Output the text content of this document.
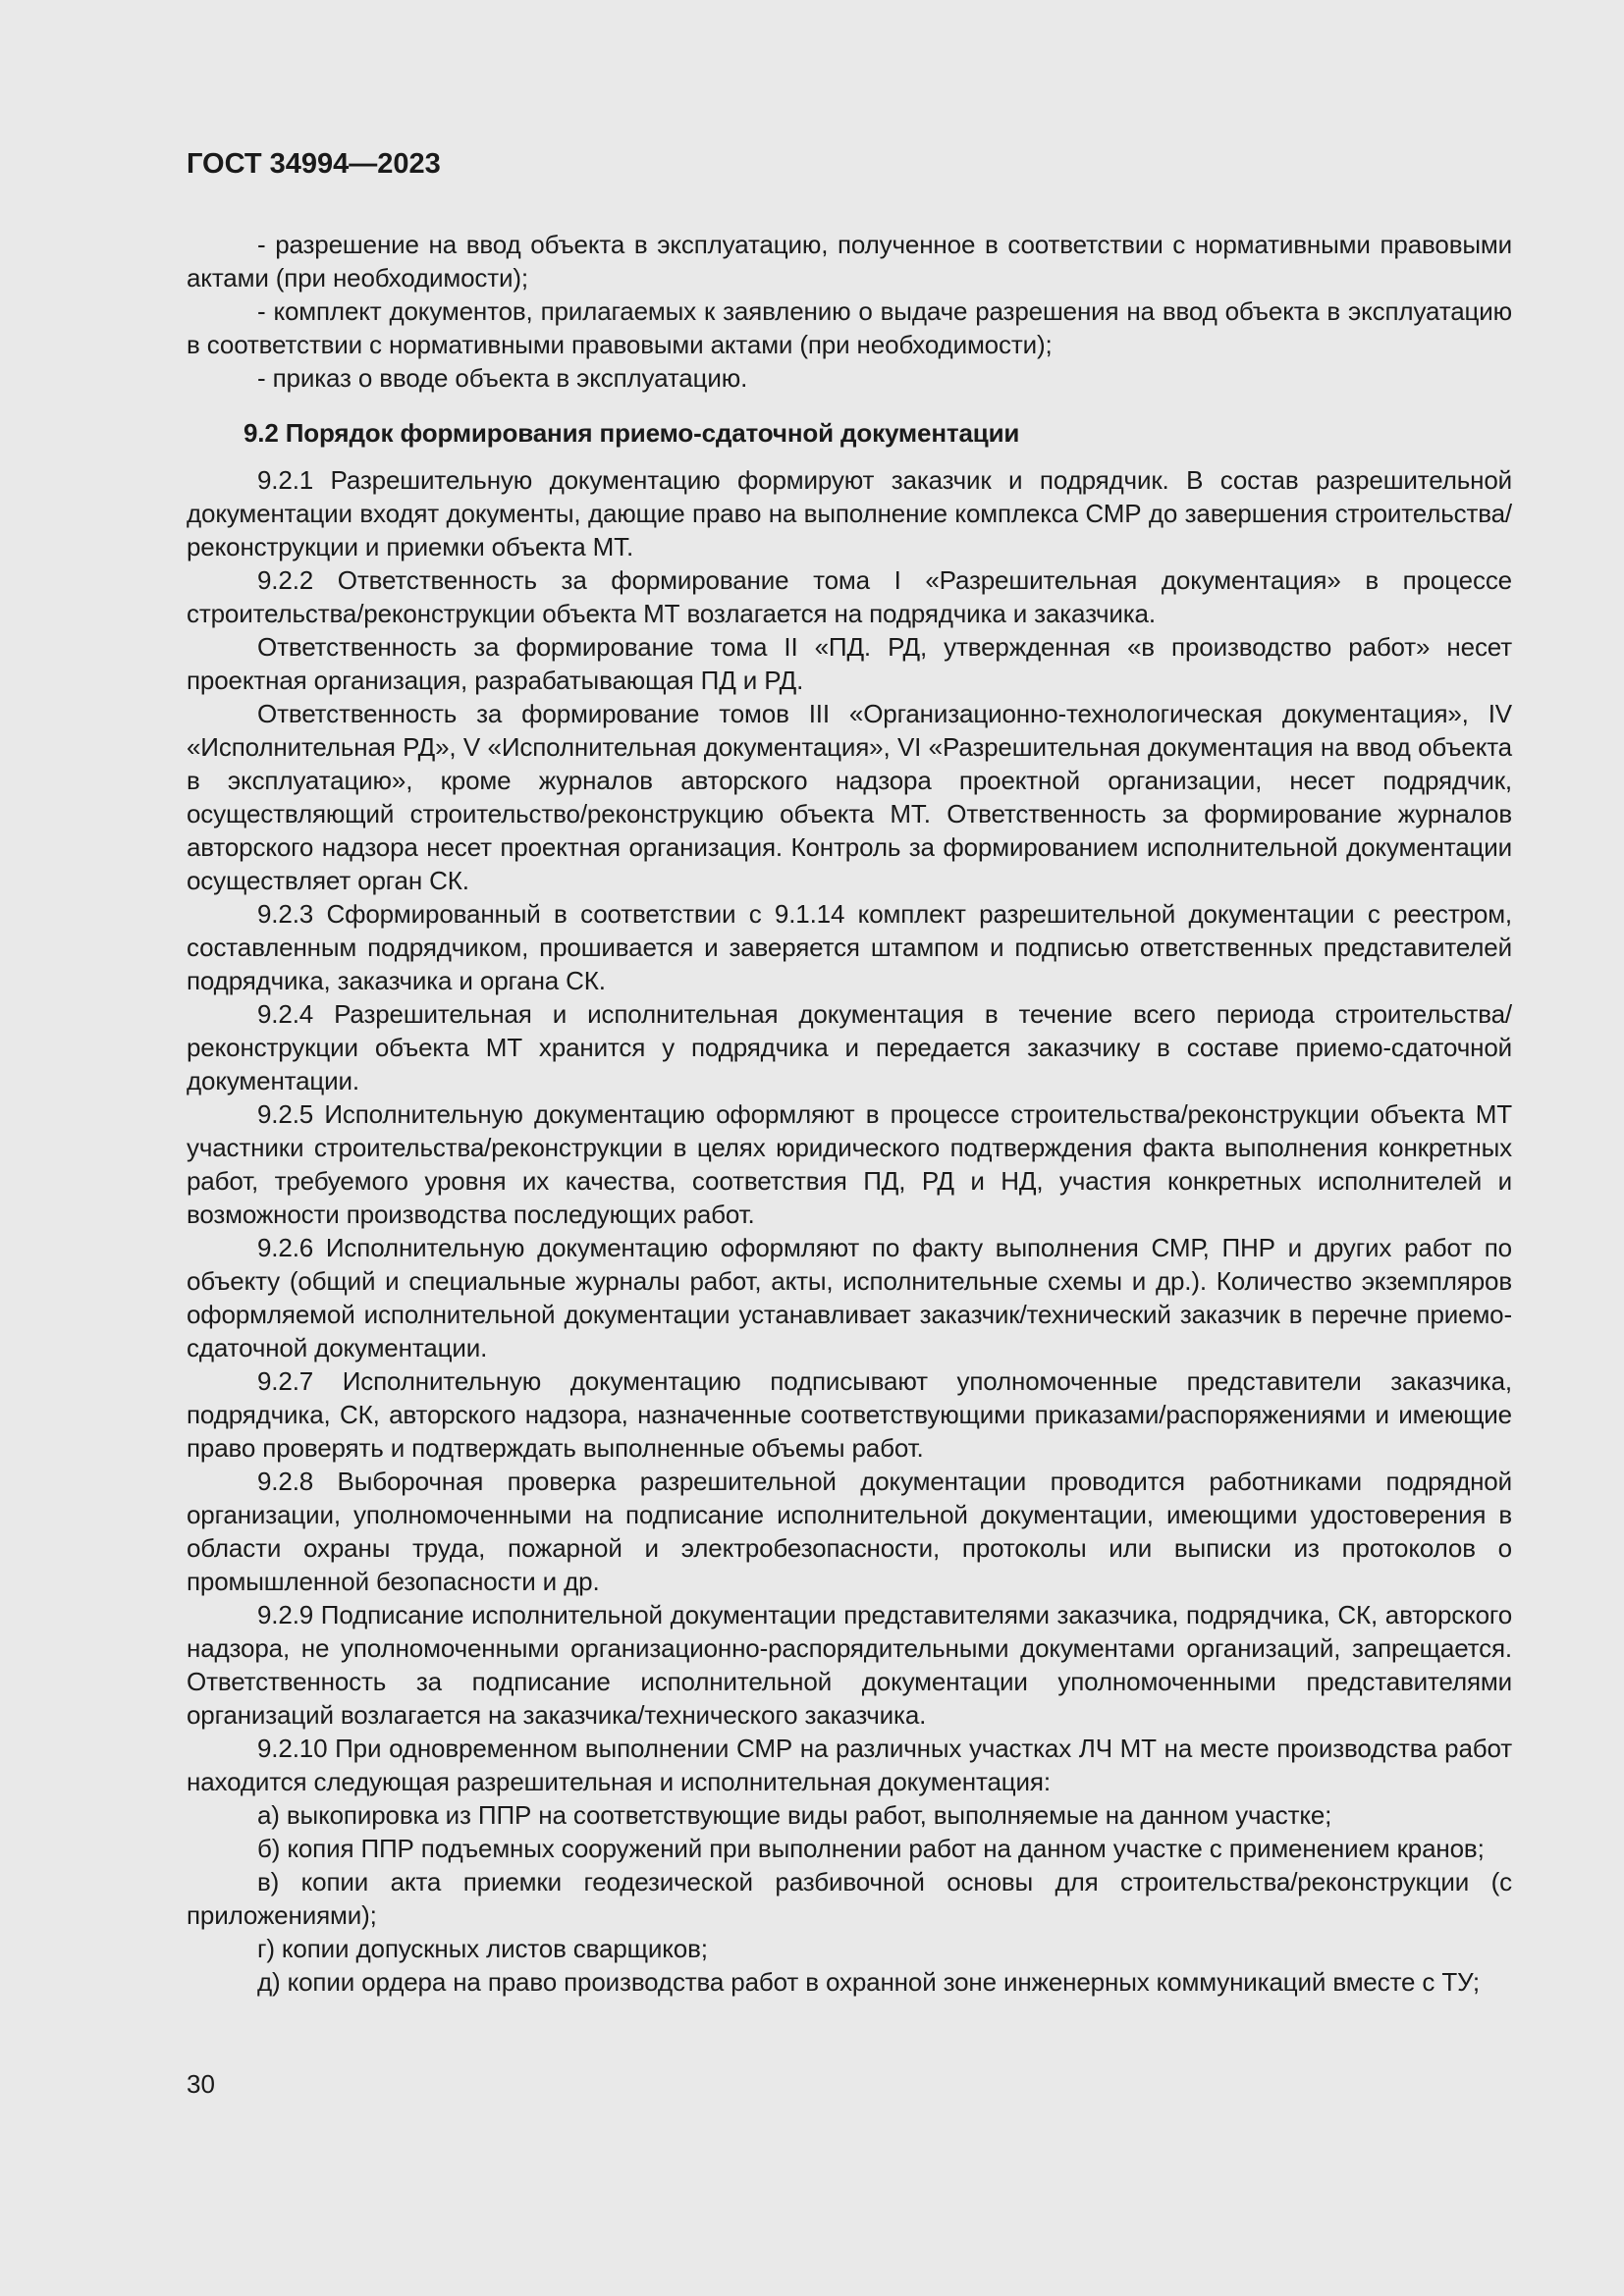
ГОСТ 34994—2023

- разрешение на ввод объекта в эксплуатацию, полученное в соответствии с нормативными правовыми актами (при необходимости);

- комплект документов, прилагаемых к заявлению о выдаче разрешения на ввод объекта в эксплуатацию в соответствии с нормативными правовыми актами (при необходимости);

- приказ о вводе объекта в эксплуатацию.

9.2 Порядок формирования приемо-сдаточной документации

9.2.1 Разрешительную документацию формируют заказчик и подрядчик. В состав разрешительной документации входят документы, дающие право на выполнение комплекса СМР до завершения строительства/реконструкции и приемки объекта МТ.

9.2.2 Ответственность за формирование тома I «Разрешительная документация» в процессе строительства/реконструкции объекта МТ возлагается на подрядчика и заказчика.

Ответственность за формирование тома II «ПД. РД, утвержденная «в производство работ» несет проектная организация, разрабатывающая ПД и РД.

Ответственность за формирование томов III «Организационно-технологическая документация», IV «Исполнительная РД», V «Исполнительная документация», VI «Разрешительная документация на ввод объекта в эксплуатацию», кроме журналов авторского надзора проектной организации, несет подрядчик, осуществляющий строительство/реконструкцию объекта МТ. Ответственность за формирование журналов авторского надзора несет проектная организация. Контроль за формированием исполнительной документации осуществляет орган СК.

9.2.3 Сформированный в соответствии с 9.1.14 комплект разрешительной документации с реестром, составленным подрядчиком, прошивается и заверяется штампом и подписью ответственных представителей подрядчика, заказчика и органа СК.

9.2.4 Разрешительная и исполнительная документация в течение всего периода строительства/реконструкции объекта МТ хранится у подрядчика и передается заказчику в составе приемо-сдаточной документации.

9.2.5 Исполнительную документацию оформляют в процессе строительства/реконструкции объекта МТ участники строительства/реконструкции в целях юридического подтверждения факта выполнения конкретных работ, требуемого уровня их качества, соответствия ПД, РД и НД, участия конкретных исполнителей и возможности производства последующих работ.

9.2.6 Исполнительную документацию оформляют по факту выполнения СМР, ПНР и других работ по объекту (общий и специальные журналы работ, акты, исполнительные схемы и др.). Количество экземпляров оформляемой исполнительной документации устанавливает заказчик/технический заказчик в перечне приемо-сдаточной документации.

9.2.7 Исполнительную документацию подписывают уполномоченные представители заказчика, подрядчика, СК, авторского надзора, назначенные соответствующими приказами/распоряжениями и имеющие право проверять и подтверждать выполненные объемы работ.

9.2.8 Выборочная проверка разрешительной документации проводится работниками подрядной организации, уполномоченными на подписание исполнительной документации, имеющими удостоверения в области охраны труда, пожарной и электробезопасности, протоколы или выписки из протоколов о промышленной безопасности и др.

9.2.9 Подписание исполнительной документации представителями заказчика, подрядчика, СК, авторского надзора, не уполномоченными организационно-распорядительными документами организаций, запрещается. Ответственность за подписание исполнительной документации уполномоченными представителями организаций возлагается на заказчика/технического заказчика.

9.2.10 При одновременном выполнении СМР на различных участках ЛЧ МТ на месте производства работ находится следующая разрешительная и исполнительная документация:

а) выкопировка из ППР на соответствующие виды работ, выполняемые на данном участке;

б) копия ППР подъемных сооружений при выполнении работ на данном участке с применением кранов;

в) копии акта приемки геодезической разбивочной основы для строительства/реконструкции (с приложениями);

г) копии допускных листов сварщиков;

д) копии ордера на право производства работ в охранной зоне инженерных коммуникаций вместе с ТУ;

30
